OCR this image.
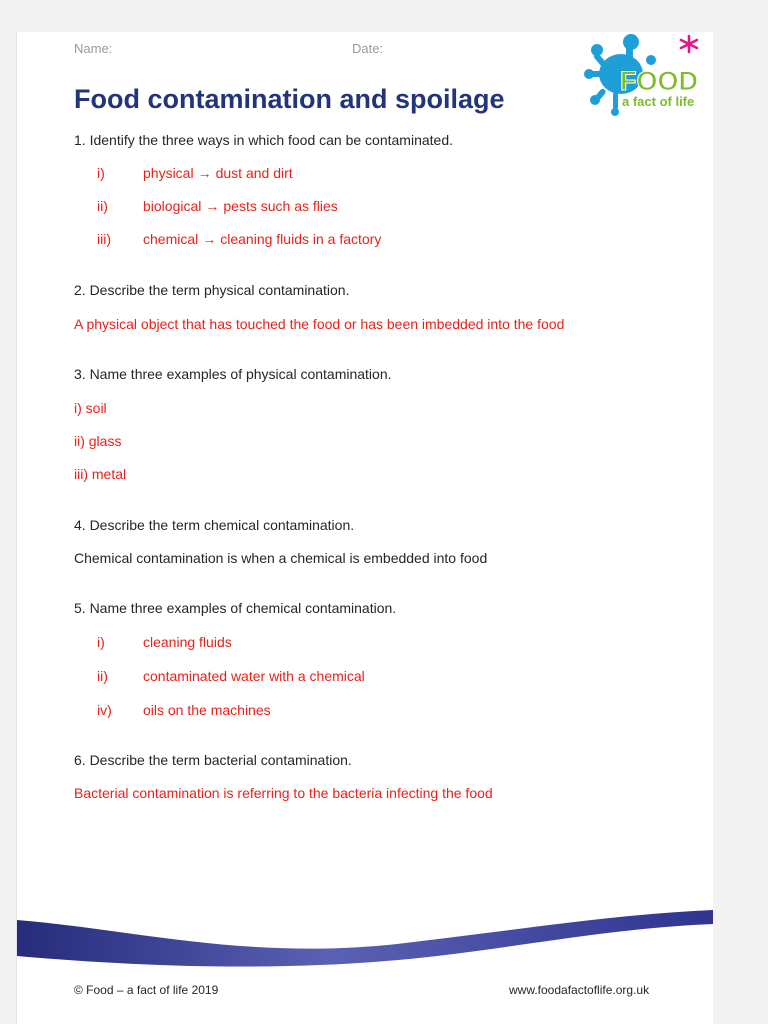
Name:	Date:
FOOD
a fact of life
Food contamination and spoilage
1. Identify the three ways in which food can be contaminated.
i)	physical → dust and dirt
ii)	biological → pests such as flies
iii) chemical → cleaning fluids in a factory
2. Describe the term physical contamination.
A physical object that has touched the food or has been imbedded into the food
3. Name three examples of physical contamination.
i) soil
ii) glass
iii) metal
4. Describe the term chemical contamination.
Chemical contamination is when a chemical is embedded into food
5. Name three examples of chemical contamination.
i)	cleaning fluids
ii)	contaminated water with a chemical
iv) oils on the machines
6. Describe the term bacterial contamination.
Bacterial contamination is referring to the bacteria infecting the food
© Food – a fact of life 2019	www.foodafactoflife.org.uk
